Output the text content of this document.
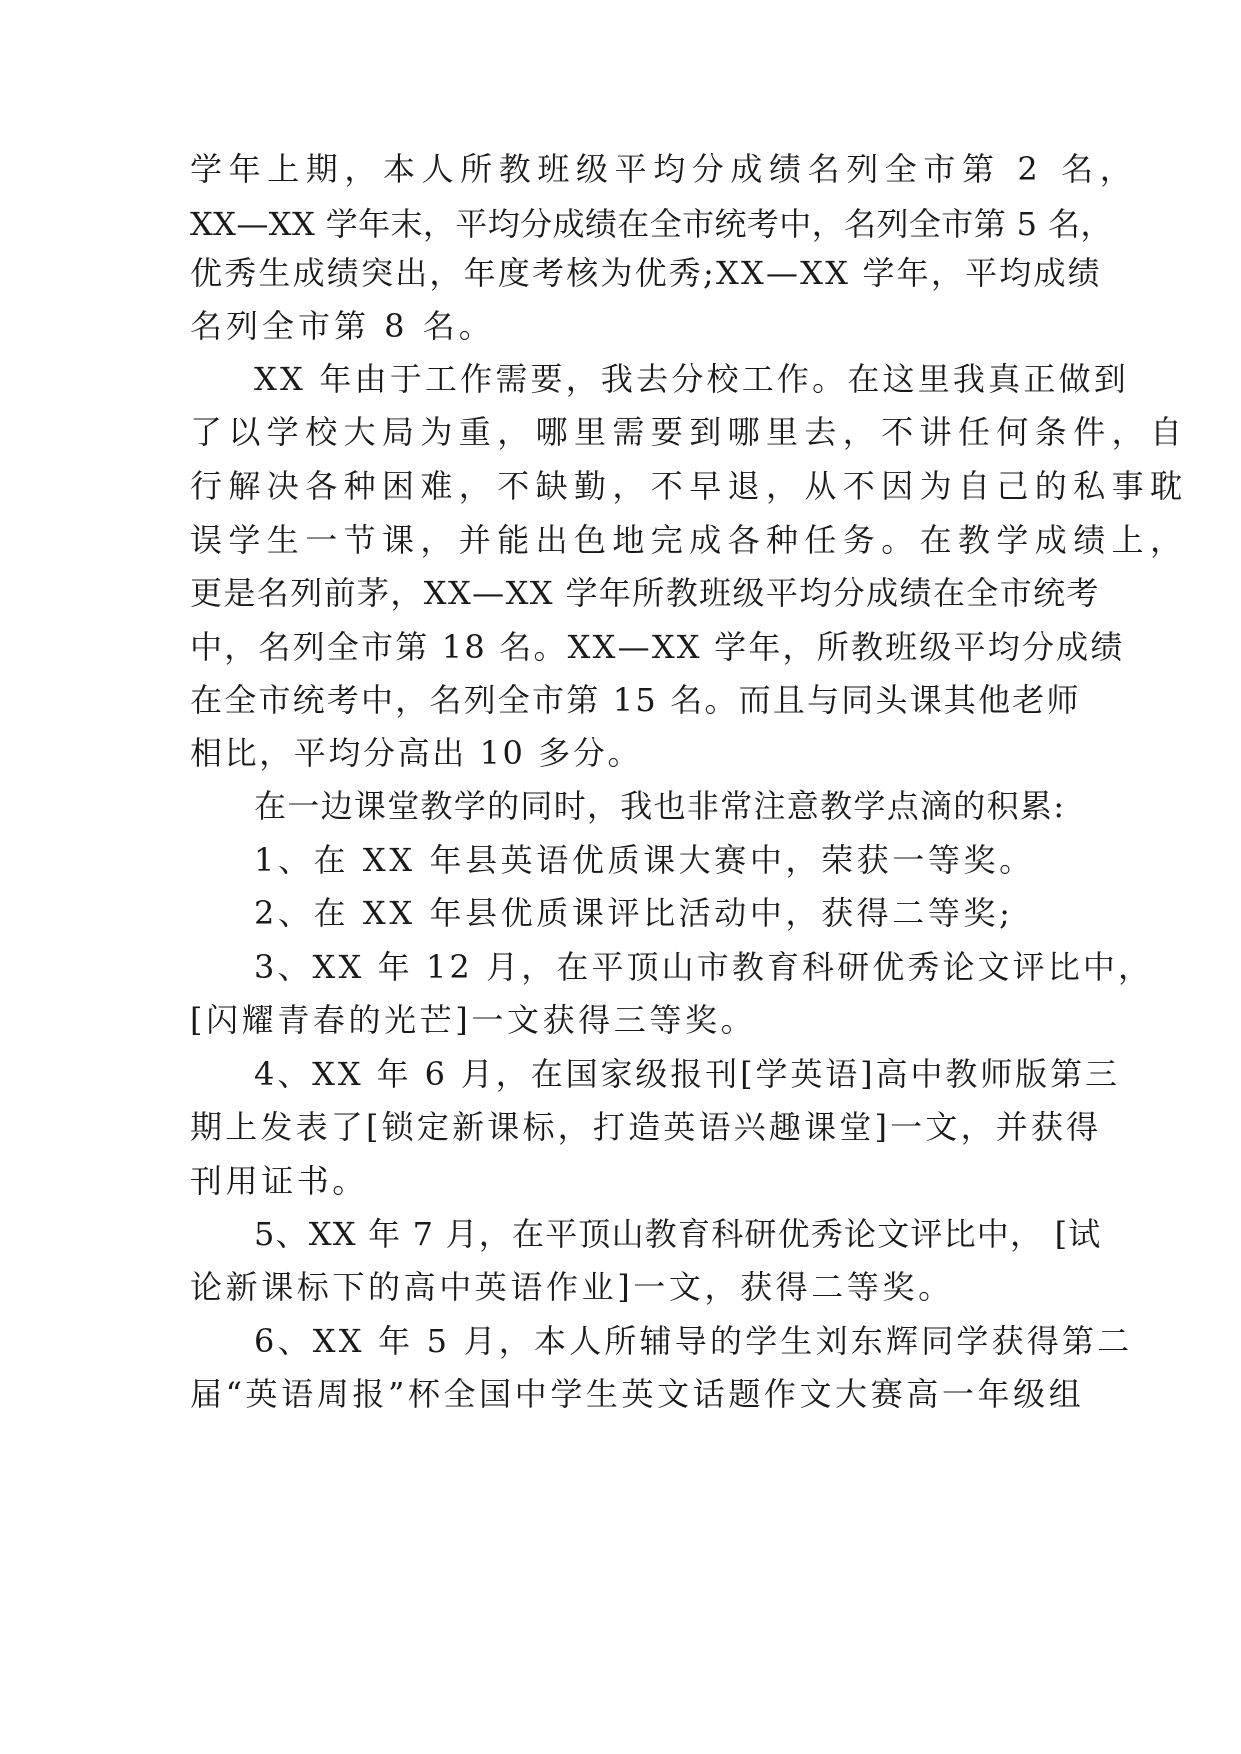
学年上期，本人所教班级平均分成绩名列全市第 2 名，
XX—XX 学年末，平均分成绩在全市统考中，名列全市第 5 名，
优秀生成绩突出，年度考核为优秀;XX—XX 学年，平均成绩
名列全市第 8 名。
XX 年由于工作需要，我去分校工作。在这里我真正做到
了以学校大局为重，哪里需要到哪里去，不讲任何条件，自
行解决各种困难，不缺勤，不早退，从不因为自己的私事耽
误学生一节课，并能出色地完成各种任务。在教学成绩上，
更是名列前茅，XX—XX 学年所教班级平均分成绩在全市统考
中，名列全市第 18 名。XX—XX 学年，所教班级平均分成绩
在全市统考中，名列全市第 15 名。而且与同头课其他老师
相比，平均分高出 10 多分。
在一边课堂教学的同时，我也非常注意教学点滴的积累:
1、在 XX 年县英语优质课大赛中，荣获一等奖。
2、在 XX 年县优质课评比活动中，获得二等奖;
3、XX 年 12 月，在平顶山市教育科研优秀论文评比中，
[闪耀青春的光芒]一文获得三等奖。
4、XX 年 6 月，在国家级报刊[学英语]高中教师版第三
期上发表了[锁定新课标，打造英语兴趣课堂]一文，并获得
刊用证书。
5、XX 年 7 月，在平顶山教育科研优秀论文评比中， [试
论新课标下的高中英语作业]一文，获得二等奖。
6、XX 年 5 月，本人所辅导的学生刘东辉同学获得第二
届“英语周报”杯全国中学生英文话题作文大赛高一年级组
